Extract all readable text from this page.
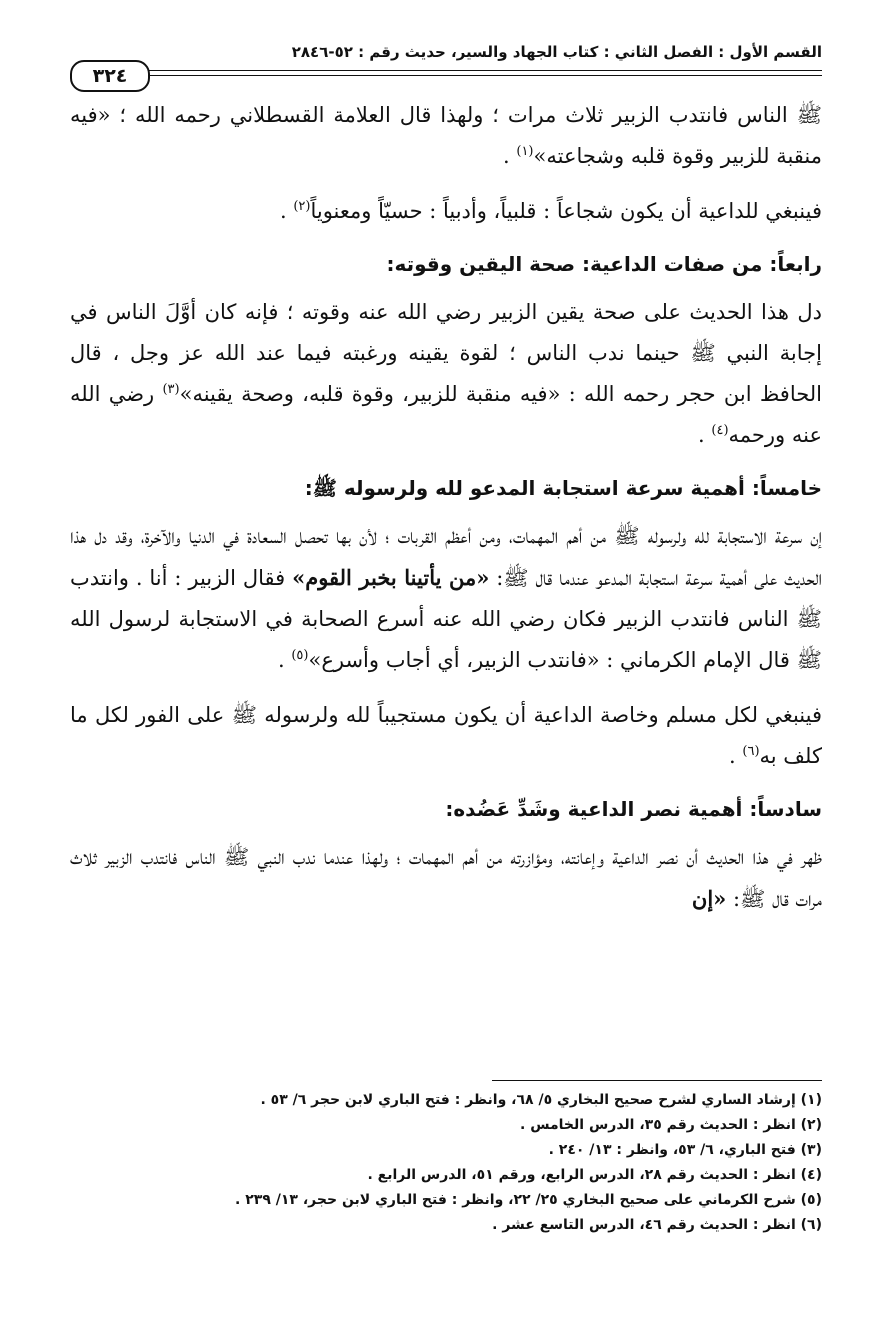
القسم الأول : الفصل الثاني : كتاب الجهاد والسير، حديث رقم : ٥٢-٢٨٤٦
٣٢٤

ﷺ الناس فانتدب الزبير ثلاث مرات ؛ ولهذا قال العلامة القسطلاني رحمه الله ؛ «فيه منقبة للزبير وقوة قلبه وشجاعته»$^{(١)}$ .

فينبغي للداعية أن يكون شجاعاً : قلبياً، وأدبياً : حسيّاً ومعنوياً$^{(٢)}$ .

رابعاً: من صفات الداعية: صحة اليقين وقوته:

دل هذا الحديث على صحة يقين الزبير رضي الله عنه وقوته ؛ فإنه كان أوَّلَ الناس في إجابة النبي ﷺ حينما ندب الناس ؛ لقوة يقينه ورغبته فيما عند الله عز وجل ، قال الحافظ ابن حجر رحمه الله : «فيه منقبة للزبير، وقوة قلبه، وصحة يقينه»$^{(٣)}$ رضي الله عنه ورحمه$^{(٤)}$ .

خامساً: أهمية سرعة استجابة المدعو لله ولرسوله ﷺ:

إن سرعة الاستجابة لله ولرسوله ﷺ من أهم المهمات، ومن أعظم القربات ؛ لأن بها تحصل السعادة في الدنيا والآخرة، وقد دل هذا الحديث على أهمية سرعة استجابة المدعو عندما قال ﷺ: «من يأتينا بخبر القوم» فقال الزبير : أنا . وانتدب ﷺ الناس فانتدب الزبير فكان رضي الله عنه أسرع الصحابة في الاستجابة لرسول الله ﷺ قال الإمام الكرماني : «فانتدب الزبير، أي أجاب وأسرع»$^{(٥)}$ .

فينبغي لكل مسلم وخاصة الداعية أن يكون مستجيباً لله ولرسوله ﷺ على الفور لكل ما كلف به$^{(٦)}$ .

سادساً: أهمية نصر الداعية وشَدِّ عَضُده:

ظهر في هذا الحديث أن نصر الداعية وإعانته، ومؤازرته من أهم المهمات ؛ ولهذا عندما ندب النبي ﷺ الناس فانتدب الزبير ثلاث مرات قال ﷺ: «إن

(١) إرشاد الساري لشرح صحيح البخاري ٥/ ٦٨، وانظر : فتح الباري لابن حجر ٦/ ٥٣ .

(٢) انظر : الحديث رقم ٣٥، الدرس الخامس .

(٣) فتح الباري، ٦/ ٥٣، وانظر : ١٣/ ٢٤٠ .

(٤) انظر : الحديث رقم ٢٨، الدرس الرابع، ورقم ٥١، الدرس الرابع .

(٥) شرح الكرماني على صحيح البخاري ٢٥/ ٢٢، وانظر : فتح الباري لابن حجر، ١٣/ ٢٣٩ .

(٦) انظر : الحديث رقم ٤٦، الدرس التاسع عشر .
